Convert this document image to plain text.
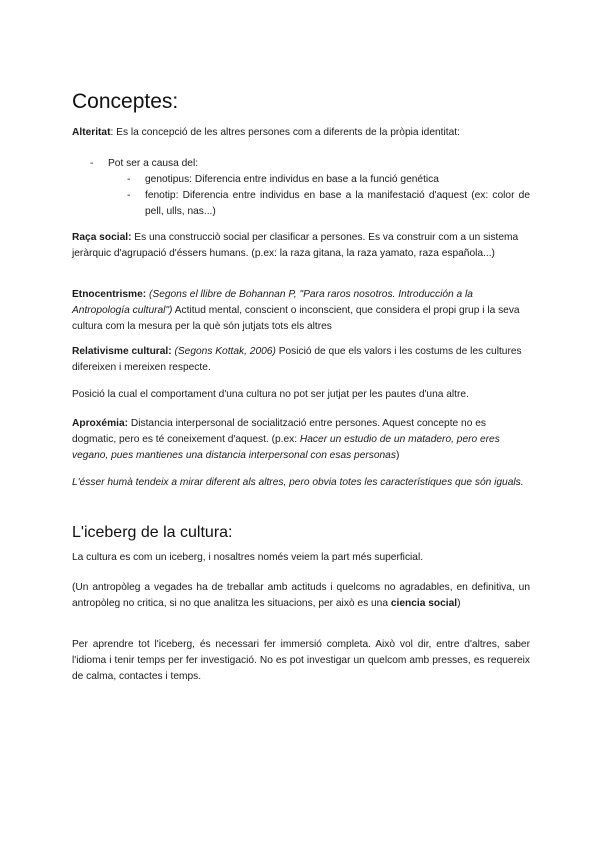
Conceptes:

Alteritat: Es la concepció de les altres persones com a diferents de la pròpia identitat:

- Pot ser a causa del:

- genotipus: Diferencia entre individus en base a la funció genética

- fenotip: Diferencia entre individus en base a la manifestació d'aquest (ex: color de pell, ulls, nas...)

Raça social: Es una construcciò social per clasificar a persones. Es va construir com a un sistema jeràrquic d'agrupació d'éssers humans. (p.ex: la raza gitana, la raza yamato, raza española...)

Etnocentrisme: (Segons el llibre de Bohannan P, "Para raros nosotros. Introducción a la Antropología cultural") Actitud mental, conscient o inconscient, que considera el propi grup i la seva cultura com la mesura per la què són jutjats tots els altres

Relativisme cultural: (Segons Kottak, 2006) Posició de que els valors i les costums de les cultures difereixen i mereixen respecte.

Posició la cual el comportament d'una cultura no pot ser jutjat per les pautes d'una altre.

Aproxémia: Distancia interpersonal de socialització entre persones. Aquest concepte no es dogmatic, pero es té coneixement d'aquest. (p.ex: Hacer un estudio de un matadero, pero eres vegano, pues mantienes una distancia interpersonal con esas personas)

L'ésser humà tendeix a mirar diferent als altres, pero obvia totes les característiques que són iguals.

L'iceberg de la cultura:

La cultura es com un iceberg, i nosaltres només veiem la part més superficial.

(Un antropòleg a vegades ha de treballar amb actituds i quelcoms no agradables, en definitiva, un antropòleg no critica, si no que analitza les situacions, per això es una ciencia social)

Per aprendre tot l'iceberg, és necessari fer immersió completa. Això vol dir, entre d'altres, saber l'idioma i tenir temps per fer investigació. No es pot investigar un quelcom amb presses, es requereix de calma, contactes i temps.
